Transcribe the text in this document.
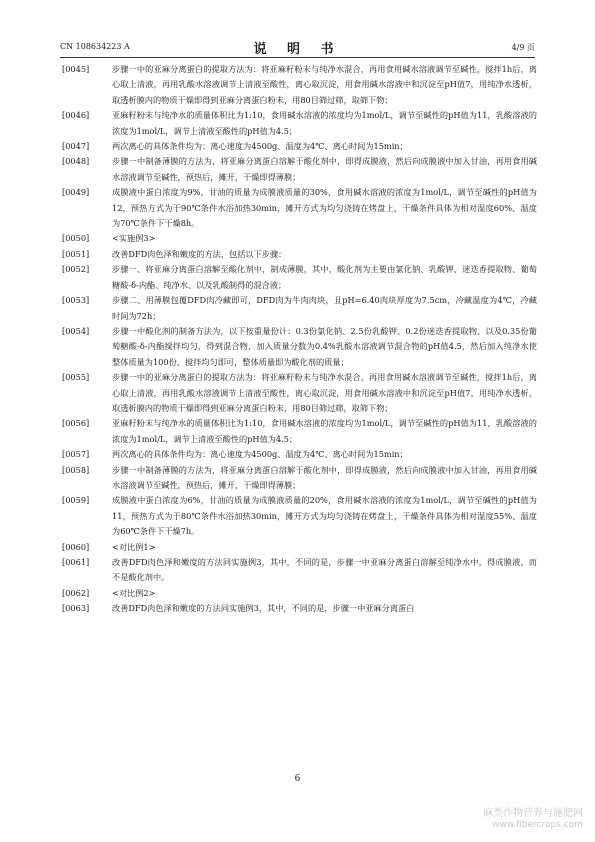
CN 108634223 A	说 明 书	4/9 页
[0045]	步骤一中的亚麻分离蛋白的提取方法为：将亚麻籽粉末与纯净水混合，再用食用碱水溶液调节至碱性，搅拌1h后，离心取上清液，再用乳酸水溶液调节上清液至酸性，离心取沉淀，用食用碱水溶液中和沉淀至pH值7，用纯净水透析，取透析膜内的物质干燥即得到亚麻分离蛋白粉末，用80目筛过筛，取筛下物；
[0046]	亚麻籽粉末与纯净水的质量体积比为1:10，食用碱水溶液的浓度均为1mol/L，调节至碱性的pH值为11，乳酸溶液的浓度为1mol/L，调节上清液至酸性的pH值为4.5；
[0047]	两次离心的具体条件均为：离心速度为4500g、温度为4℃、离心时间为15min；
[0048]	步骤一中制备薄膜的方法为，将亚麻分离蛋白溶解于酸化剂中，即得成膜液，然后向成膜液中加入甘油，再用食用碱水溶液调节至碱性，预热后，摊开，干燥即得薄膜；
[0049]	成膜液中蛋白浓度为9%，甘油的质量为成膜液质量的30%，食用碱水溶液的浓度为1mol/L，调节至碱性的pH值为12，预热方式为于90℃条件水浴加热30min，摊开方式为均匀浇铸在烤盘上，干燥条件具体为相对湿度60%、温度为70℃条件下干燥8h。
[0050]	<实施例3>
[0051]	改善DFD肉色泽和嫩度的方法，包括以下步骤：
[0052]	步骤一、将亚麻分离蛋白溶解至酸化剂中，制成薄膜，其中，酸化剂为主要由氯化钠、乳酸钾、迷迭香提取物、葡萄糖酸-δ-内酯、纯净水、以及乳酸制得的混合液；
[0053]	步骤二、用薄膜包覆DFD肉冷藏即可，DFD肉为牛肉肉块，且pH=6.40肉块厚度为7.5cm，冷藏温度为4℃，冷藏时间为72h；
[0054]	步骤一中酸化剂的制备方法为，以下按重量份计：0.3份氯化钠、2.5份乳酸钾、0.2份迷迭香提取物、以及0.35份葡萄糖酸-δ-内酯搅拌均匀，得到混合物，加入质量分数为0.4%乳酸水溶液调节混合物的pH值4.5，然后加入纯净水使整体质量为100份，搅拌均匀即可，整体质量即为酸化剂的质量；
[0055]	步骤一中的亚麻分离蛋白的提取方法为：将亚麻籽粉末与纯净水混合，再用食用碱水溶液调节至碱性，搅拌1h后，离心取上清液，再用乳酸水溶液调节上清液至酸性，离心取沉淀，用食用碱水溶液中和沉淀至pH值7，用纯净水透析，取透析膜内的物质干燥即得到亚麻分离蛋白粉末，用80目筛过筛，取筛下物；
[0056]	亚麻籽粉末与纯净水的质量体积比为1:10，食用碱水溶液的浓度均为1mol/L，调节至碱性的pH值为11，乳酸溶液的浓度为1mol/L，调节上清液至酸性的pH值为4.5；
[0057]	两次离心的具体条件均为：离心速度为4500g、温度为4℃、离心时间为15min；
[0058]	步骤一中制备薄膜的方法为，将亚麻分离蛋白溶解于酸化剂中，即得成膜液，然后向成膜液中加入甘油，再用食用碱水溶液调节至碱性，预热后，摊开，干燥即得薄膜；
[0059]	成膜液中蛋白浓度为6%，甘油的质量为成膜液质量的20%，食用碱水溶液的浓度为1mol/L，调节至碱性的pH值为11，预热方式为于80℃条件水浴加热30min，摊开方式为均匀浇铸在烤盘上，干燥条件具体为相对湿度55%、温度为60℃条件下干燥7h。
[0060]	<对比例1>
[0061]	改善DFD肉色泽和嫩度的方法同实施例3，其中，不同的是，步骤一中亚麻分离蛋白溶解至纯净水中，得成膜液，而不是酸化剂中。
[0062]	<对比例2>
[0063]	改善DFD肉色泽和嫩度的方法同实施例3，其中，不同的是，步骤一中亚麻分离蛋白
6
麻类作物营养与施肥网
www.fibercrops.com
